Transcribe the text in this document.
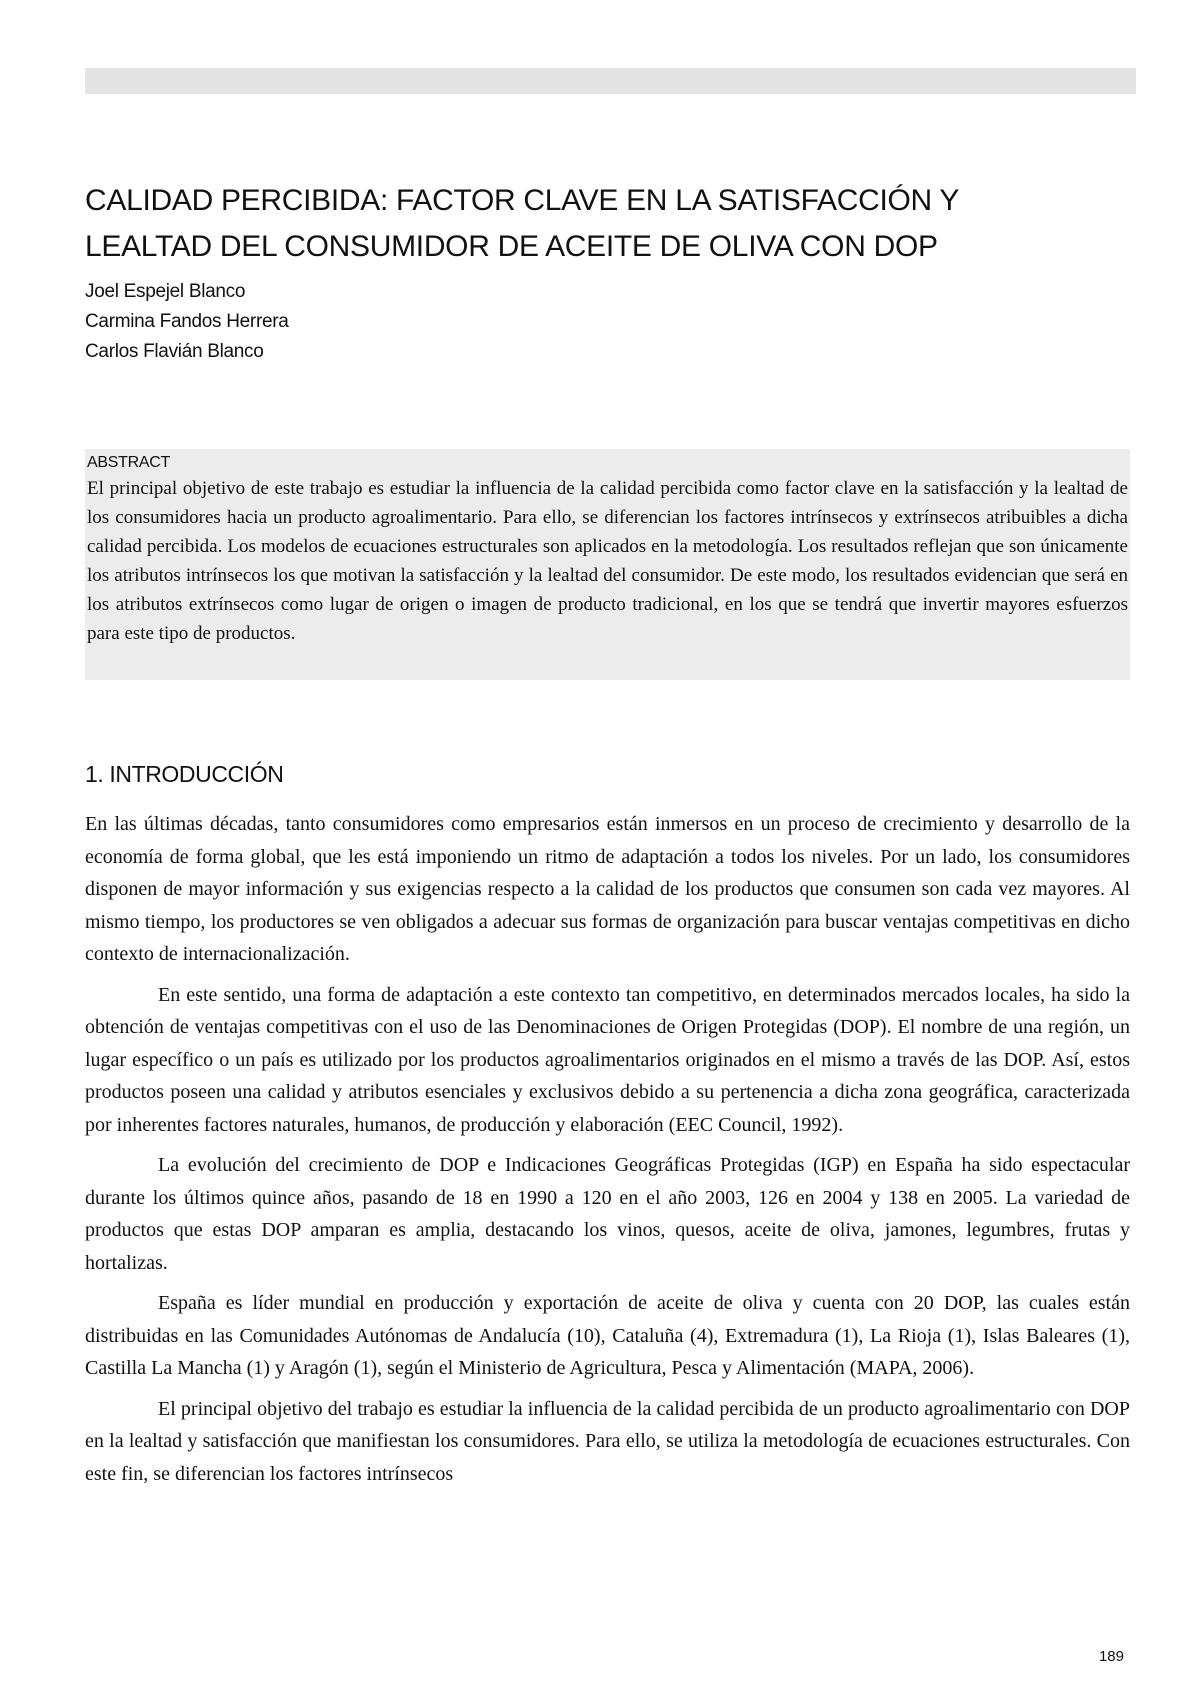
CALIDAD PERCIBIDA: FACTOR CLAVE EN LA SATISFACCIÓN Y
LEALTAD DEL CONSUMIDOR DE ACEITE DE OLIVA CON DOP
Joel Espejel Blanco
Carmina Fandos Herrera
Carlos Flavián Blanco
ABSTRACT

El principal objetivo de este trabajo es estudiar la influencia de la calidad percibida como factor clave en la satisfacción y la lealtad de los consumidores hacia un producto agroalimentario. Para ello, se diferencian los factores intrínsecos y extrínsecos atribuibles a dicha calidad percibida. Los modelos de ecuaciones estructurales son aplicados en la metodología. Los resultados reflejan que son únicamente los atributos intrínsecos los que motivan la satisfacción y la lealtad del consumidor. De este modo, los resultados evidencian que será en los atributos extrínsecos como lugar de origen o imagen de producto tradicional, en los que se tendrá que invertir mayores esfuerzos para este tipo de productos.

1. INTRODUCCIÓN

En las últimas décadas, tanto consumidores como empresarios están inmersos en un proceso de crecimiento y desarrollo de la economía de forma global, que les está imponiendo un ritmo de adaptación a todos los niveles. Por un lado, los consumidores disponen de mayor información y sus exigencias respecto a la calidad de los productos que consumen son cada vez mayores. Al mismo tiempo, los productores se ven obligados a adecuar sus formas de organización para buscar ventajas competitivas en dicho contexto de internacionalización.

En este sentido, una forma de adaptación a este contexto tan competitivo, en determinados mercados locales, ha sido la obtención de ventajas competitivas con el uso de las Denominaciones de Origen Protegidas (DOP). El nombre de una región, un lugar específico o un país es utilizado por los productos agroalimentarios originados en el mismo a través de las DOP. Así, estos productos poseen una calidad y atributos esenciales y exclusivos debido a su pertenencia a dicha zona geográfica, caracterizada por inherentes factores naturales, humanos, de producción y elaboración (EEC Council, 1992).

La evolución del crecimiento de DOP e Indicaciones Geográficas Protegidas (IGP) en España ha sido espectacular durante los últimos quince años, pasando de 18 en 1990 a 120 en el año 2003, 126 en 2004 y 138 en 2005. La variedad de productos que estas DOP amparan es amplia, destacando los vinos, quesos, aceite de oliva, jamones, legumbres, frutas y hortalizas.

España es líder mundial en producción y exportación de aceite de oliva y cuenta con 20 DOP, las cuales están distribuidas en las Comunidades Autónomas de Andalucía (10), Cataluña (4), Extremadura (1), La Rioja (1), Islas Baleares (1), Castilla La Mancha (1) y Aragón (1), según el Ministerio de Agricultura, Pesca y Alimentación (MAPA, 2006).

El principal objetivo del trabajo es estudiar la influencia de la calidad percibida de un producto agroalimentario con DOP en la lealtad y satisfacción que manifiestan los consumidores. Para ello, se utiliza la metodología de ecuaciones estructurales. Con este fin, se diferencian los factores intrínsecos

189
